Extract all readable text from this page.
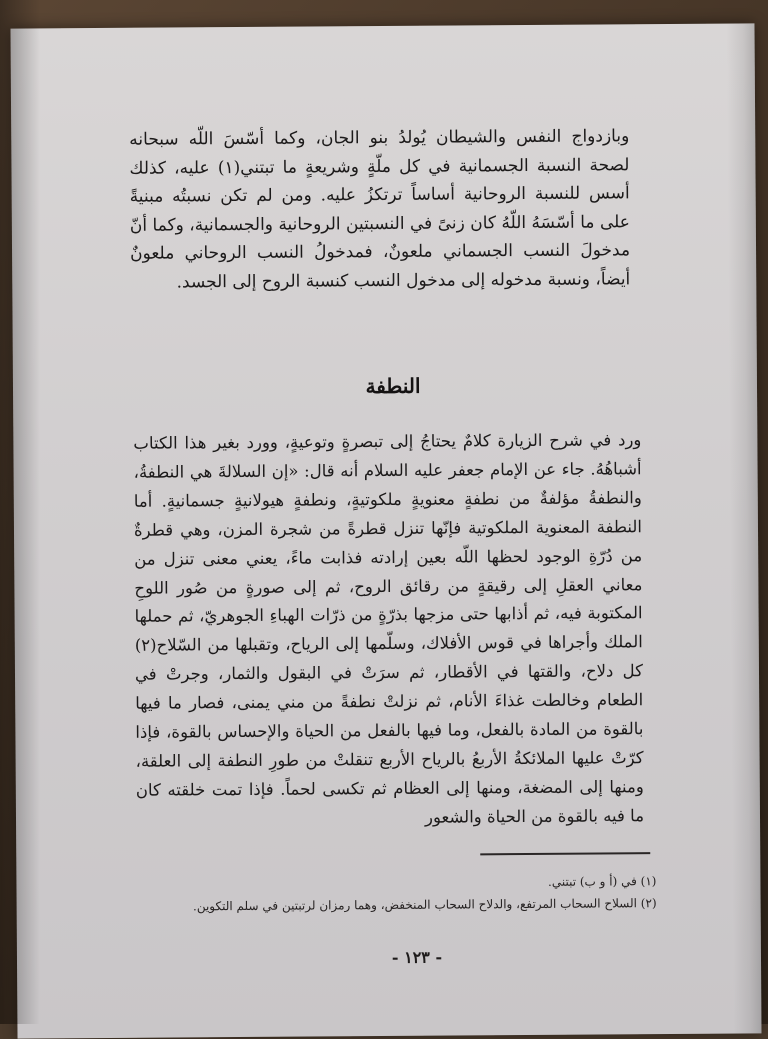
وبازدواج النفس والشيطان يُولدُ بنو الجان، وكما أسّسَ اللّه سبحانه لصحة النسبة الجسمانية في كل ملّةٍ وشريعةٍ ما تبتني(١) عليه، كذلك أسس للنسبة الروحانية أساساً ترتكزُ عليه. ومن لم تكن نسبتُه مبنيةً على ما أسّسَهُ اللّهُ كان زنىً في النسبتين الروحانية والجسمانية، وكما أنّ مدخولَ النسب الجسماني ملعونٌ، فمدخولُ النسب الروحاني ملعونٌ أيضاً، ونسبة مدخوله إلى مدخول النسب كنسبة الروح إلى الجسد.

النطفة

ورد في شرح الزيارة كلامٌ يحتاجُ إلى تبصرةٍ وتوعيةٍ، وورد بغير هذا الكتاب أشباهُهُ. جاء عن الإمام جعفر عليه السلام أنه قال: «إن السلالةَ هي النطفةُ، والنطفةُ مؤلفةٌ من نطفةٍ معنويةٍ ملكوتيةٍ، ونطفةٍ هيولانيةٍ جسمانيةٍ. أما النطفة المعنوية الملكوتية فإنّها تنزل قطرةً من شجرة المزن، وهي قطرةٌ من دُرّةِ الوجود لحظها اللّه بعين إرادته فذابت ماءً، يعني معنى تنزل من معاني العقلِ إلى رقيقةٍ من رقائق الروح، ثم إلى صورةٍ من صُور اللوحِ المكتوبة فيه، ثم أذابها حتى مزجها بذرّةٍ من ذرّات الهباءِ الجوهريّ، ثم حملها الملك وأجراها في قوس الأفلاك، وسلّمها إلى الرياح، وتقبلها من السّلاح(٢) كل دلاح، والقتها في الأقطار، ثم سرَتْ في البقول والثمار، وجرتْ في الطعام وخالطت غذاءَ الأنام، ثم نزلتْ نطفةً من مني يمنى، فصار ما فيها بالقوة من المادة بالفعل، وما فيها بالفعل من الحياة والإحساس بالقوة، فإذا كرّتْ عليها الملائكةُ الأربعُ بالرياح الأربع تنقلتْ من طورِ النطفة إلى العلقة، ومنها إلى المضغة، ومنها إلى العظام ثم تكسى لحماً. فإذا تمت خلقته كان ما فيه بالقوة من الحياة والشعور

(١) في (أ و ب) تبتني.
(٢) السلاح السحاب المرتفع، والدلاح السحاب المنخفض، وهما رمزان لرتبتين في سلم التكوين.
- ١٢٣ -
